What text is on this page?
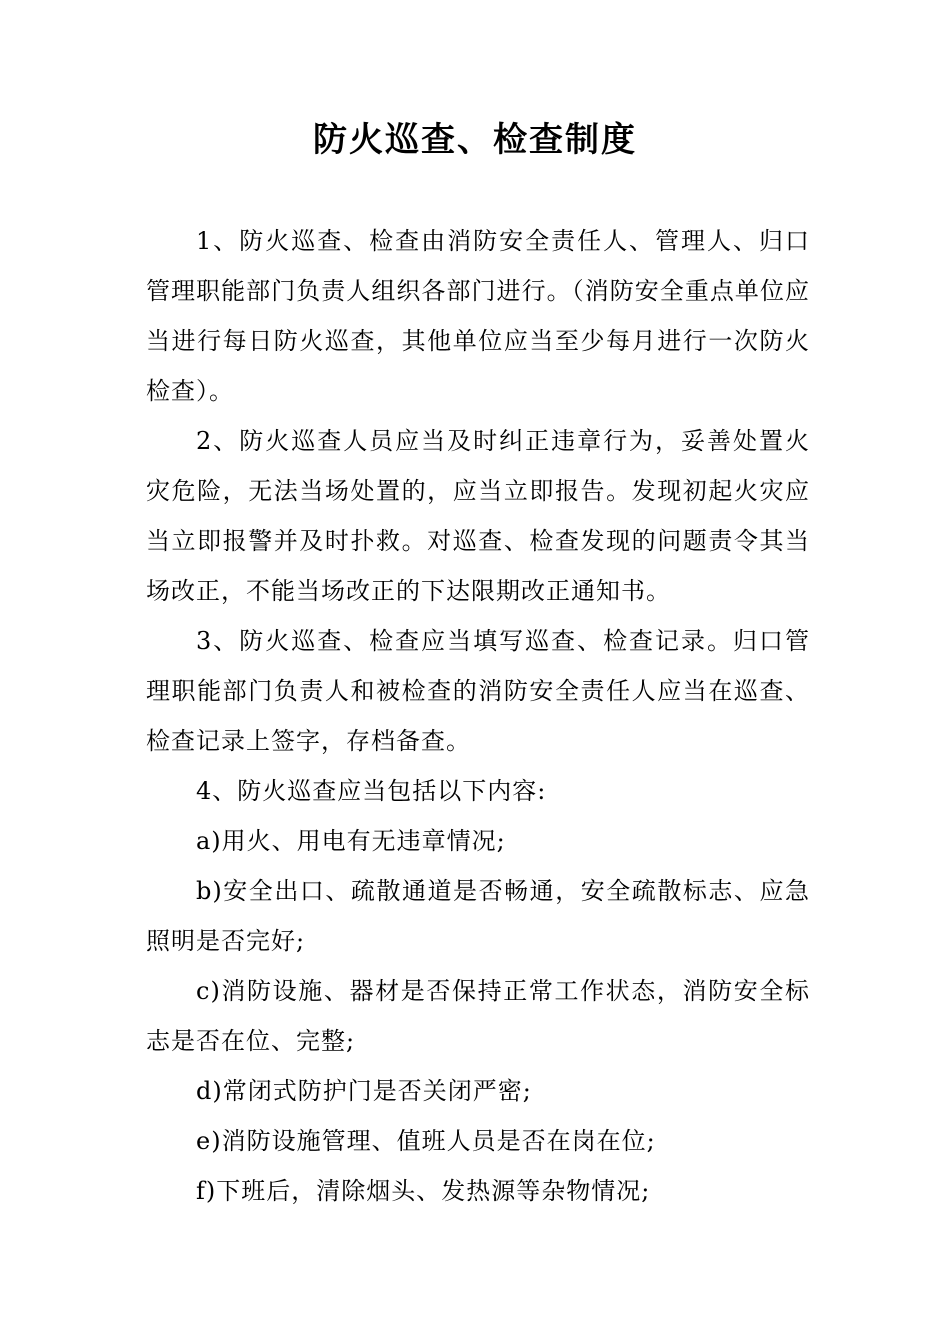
防火巡查、检查制度

1、防火巡查、检查由消防安全责任人、管理人、归口管理职能部门负责人组织各部门进行。（消防安全重点单位应当进行每日防火巡查，其他单位应当至少每月进行一次防火检查）。

2、防火巡查人员应当及时纠正违章行为，妥善处置火灾危险，无法当场处置的，应当立即报告。发现初起火灾应当立即报警并及时扑救。对巡查、检查发现的问题责令其当场改正，不能当场改正的下达限期改正通知书。

3、防火巡查、检查应当填写巡查、检查记录。归口管理职能部门负责人和被检查的消防安全责任人应当在巡查、检查记录上签字，存档备查。

4、防火巡查应当包括以下内容:

a)用火、用电有无违章情况;

b)安全出口、疏散通道是否畅通，安全疏散标志、应急照明是否完好;

c)消防设施、器材是否保持正常工作状态，消防安全标志是否在位、完整;

d)常闭式防护门是否关闭严密;

e)消防设施管理、值班人员是否在岗在位;

f)下班后，清除烟头、发热源等杂物情况;
